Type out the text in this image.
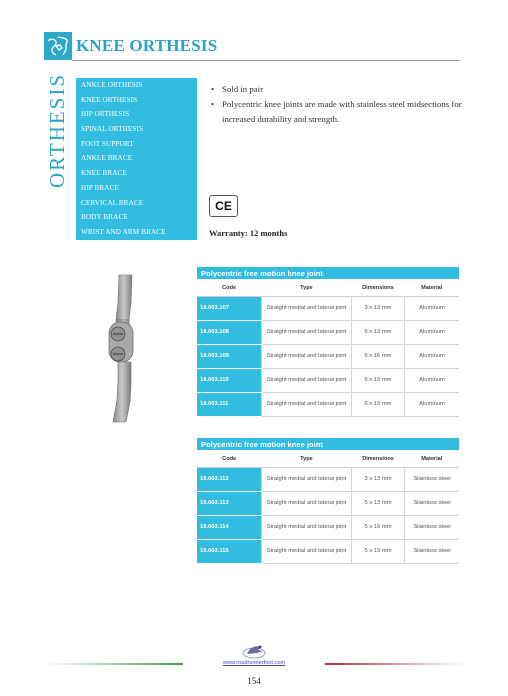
KNEE ORTHESIS
ORTHESIS	ANKLE ORTHESIS
KNEE ORTHESIS
HIP ORTHESIS
SPINAL ORTHESIS
FOOT SUPPORT
ANKLE BRACE
KNEE BRACE
HIP BRACE
CERVICAL BRACE
BODY BRACE
WRIST AND ARM BRACE
• Sold in pair
• Polycentric knee joints are made with stainless steel midsections for increased durability and strength.
CE
Warranty: 12 months
Polycentric free motion knee joint			
Code	Type	Dimensions	Material
18.003.107	Straight medial and lateral joint	3 x 13 mm	Aluminum
18.003.108	Straight medial and lateral joint	5 x 13 mm	Aluminum
18.003.109	Straight medial and lateral joint	5 x 16 mm	Aluminum
18.003.110	Straight medial and lateral joint	5 x 19 mm	Aluminum
18.003.111	Straight medial and lateral joint	6 x 19 mm	Aluminum
Polycentric free motion knee joint			
Code	Type	Dimensions	Material
18.003.112	Straight medial and lateral joint	3 x 13 mm	Stainless steel
18.003.113	Straight medial and lateral joint	5 x 13 mm	Stainless steel
18.003.114	Straight medial and lateral joint	5 x 16 mm	Stainless steel
18.003.115	Straight medial and lateral joint	5 x 19 mm	Stainless steel
www.roadrunnerfoot.com
154
